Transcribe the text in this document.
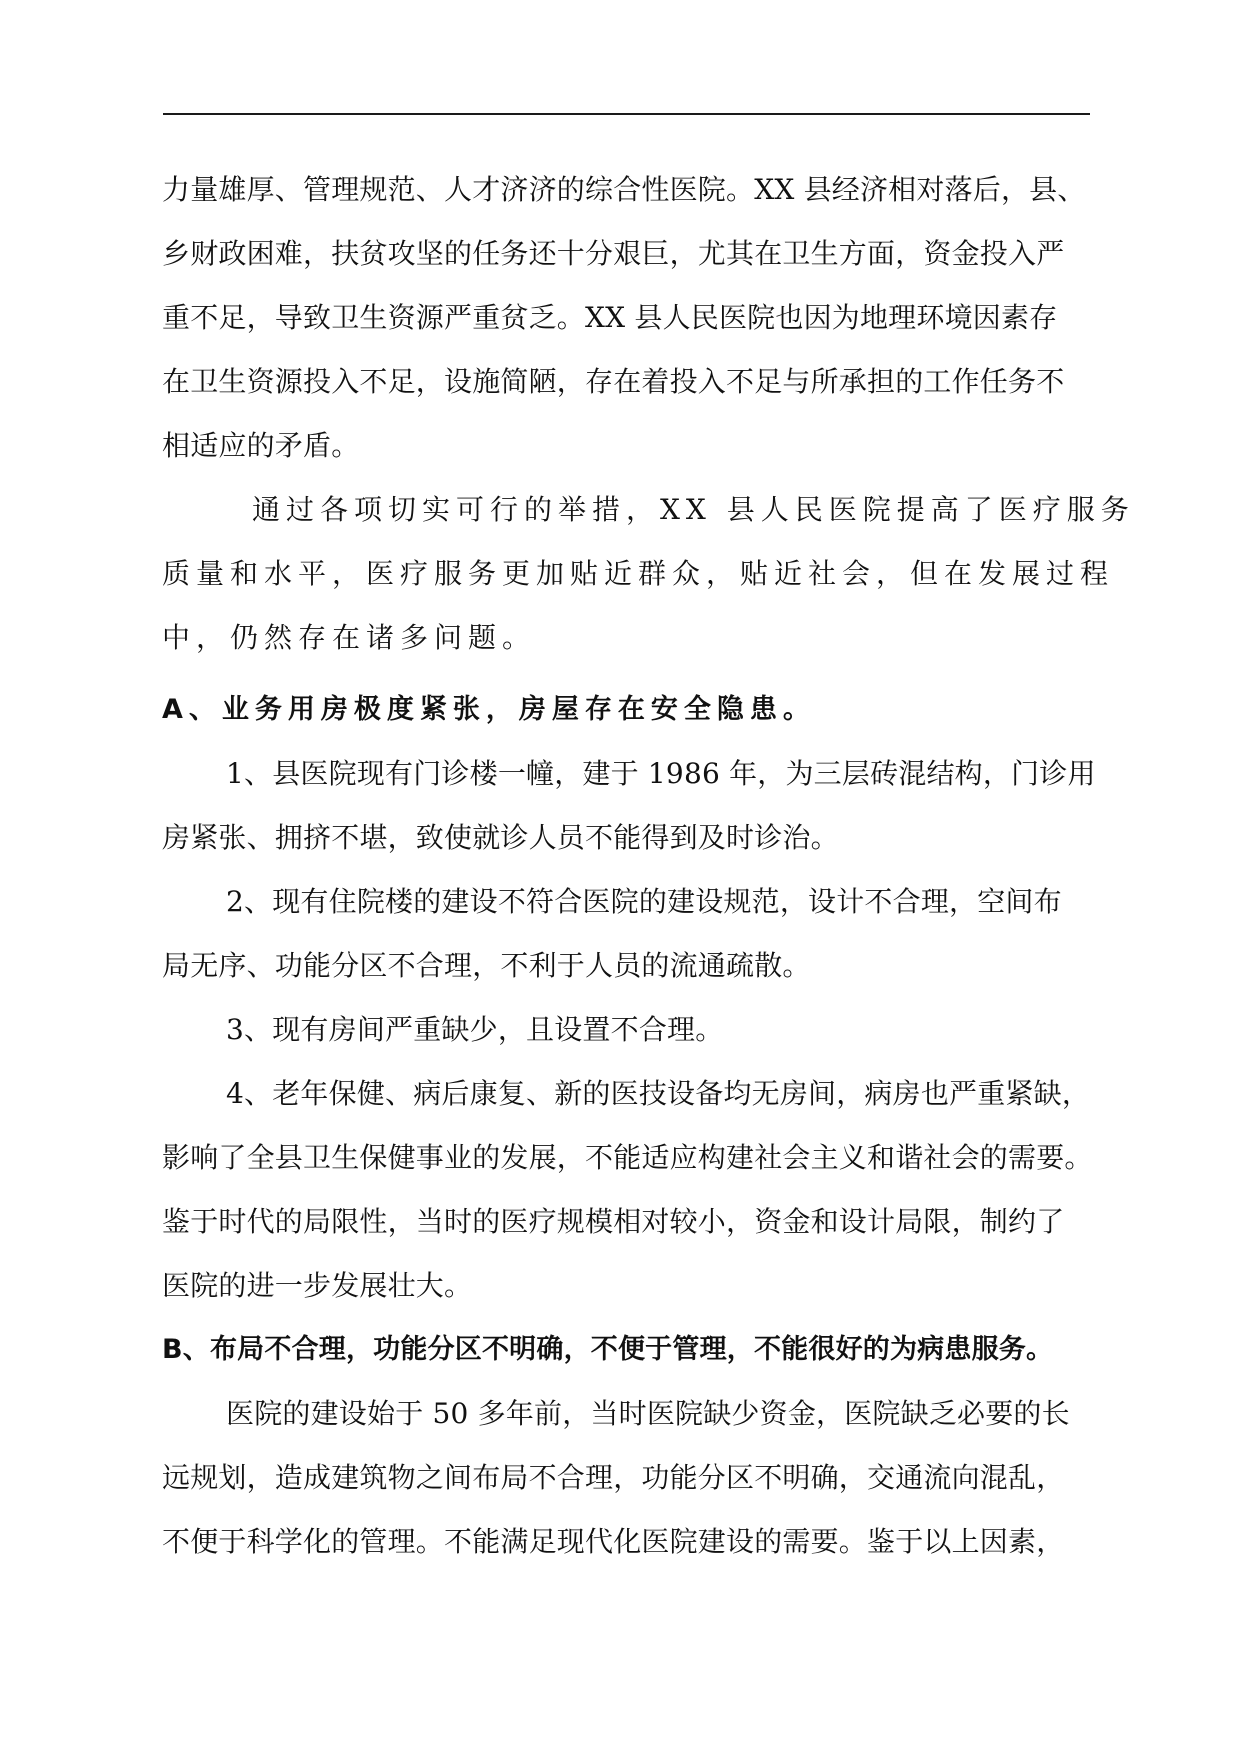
力量雄厚、管理规范、人才济济的综合性医院。XX 县经济相对落后，县、
乡财政困难，扶贫攻坚的任务还十分艰巨，尤其在卫生方面，资金投入严
重不足，导致卫生资源严重贫乏。XX 县人民医院也因为地理环境因素存
在卫生资源投入不足，设施简陋，存在着投入不足与所承担的工作任务不
相适应的矛盾。
通过各项切实可行的举措，XX 县人民医院提高了医疗服务
质量和水平，医疗服务更加贴近群众，贴近社会，但在发展过程
中，仍然存在诸多问题。
A、业务用房极度紧张，房屋存在安全隐患。
1、县医院现有门诊楼一幢，建于 1986 年，为三层砖混结构，门诊用
房紧张、拥挤不堪，致使就诊人员不能得到及时诊治。
2、现有住院楼的建设不符合医院的建设规范，设计不合理，空间布
局无序、功能分区不合理，不利于人员的流通疏散。
3、现有房间严重缺少，且设置不合理。
4、老年保健、病后康复、新的医技设备均无房间，病房也严重紧缺，
影响了全县卫生保健事业的发展，不能适应构建社会主义和谐社会的需要。
鉴于时代的局限性，当时的医疗规模相对较小，资金和设计局限，制约了
医院的进一步发展壮大。
B、布局不合理，功能分区不明确，不便于管理，不能很好的为病患服务。
医院的建设始于 50 多年前，当时医院缺少资金，医院缺乏必要的长
远规划，造成建筑物之间布局不合理，功能分区不明确，交通流向混乱，
不便于科学化的管理。不能满足现代化医院建设的需要。鉴于以上因素，
